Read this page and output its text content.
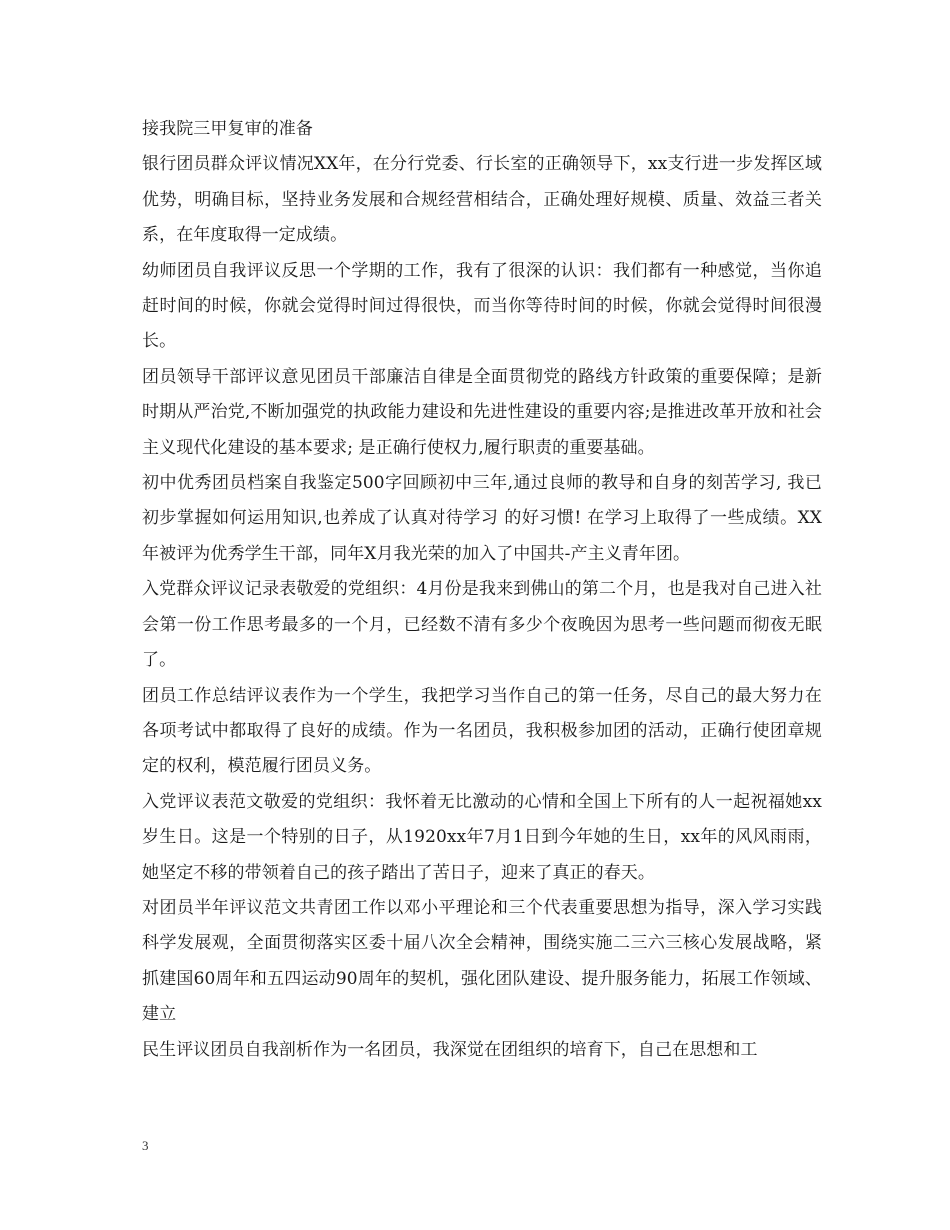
接我院三甲复审的准备

银行团员群众评议情况XX年，在分行党委、行长室的正确领导下，xx支行进一步发挥区域优势，明确目标，坚持业务发展和合规经营相结合，正确处理好规模、质量、效益三者关系，在年度取得一定成绩。

幼师团员自我评议反思一个学期的工作，我有了很深的认识：我们都有一种感觉，当你追赶时间的时候，你就会觉得时间过得很快，而当你等待时间的时候，你就会觉得时间很漫长。

团员领导干部评议意见团员干部廉洁自律是全面贯彻党的路线方针政策的重要保障；是新时期从严治党,不断加强党的执政能力建设和先进性建设的重要内容;是推进改革开放和社会主义现代化建设的基本要求; 是正确行使权力,履行职责的重要基础。

初中优秀团员档案自我鉴定500字回顾初中三年,通过良师的教导和自身的刻苦学习, 我已初步掌握如何运用知识,也养成了认真对待学习 的好习惯! 在学习上取得了一些成绩。XX 年被评为优秀学生干部，同年X月我光荣的加入了中国共-产主义青年团。

入党群众评议记录表敬爱的党组织：4月份是我来到佛山的第二个月，也是我对自己进入社会第一份工作思考最多的一个月，已经数不清有多少个夜晚因为思考一些问题而彻夜无眠了。

团员工作总结评议表作为一个学生，我把学习当作自己的第一任务，尽自己的最大努力在各项考试中都取得了良好的成绩。作为一名团员，我积极参加团的活动，正确行使团章规定的权利，模范履行团员义务。

入党评议表范文敬爱的党组织：我怀着无比激动的心情和全国上下所有的人一起祝福她xx岁生日。这是一个特别的日子，从1920xx年7月1日到今年她的生日，xx年的风风雨雨，她坚定不移的带领着自己的孩子踏出了苦日子，迎来了真正的春天。

对团员半年评议范文共青团工作以邓小平理论和三个代表重要思想为指导，深入学习实践科学发展观，全面贯彻落实区委十届八次全会精神，围绕实施二三六三核心发展战略，紧抓建国60周年和五四运动90周年的契机，强化团队建设、提升服务能力，拓展工作领域、建立

民生评议团员自我剖析作为一名团员，我深觉在团组织的培育下，自己在思想和工

3
